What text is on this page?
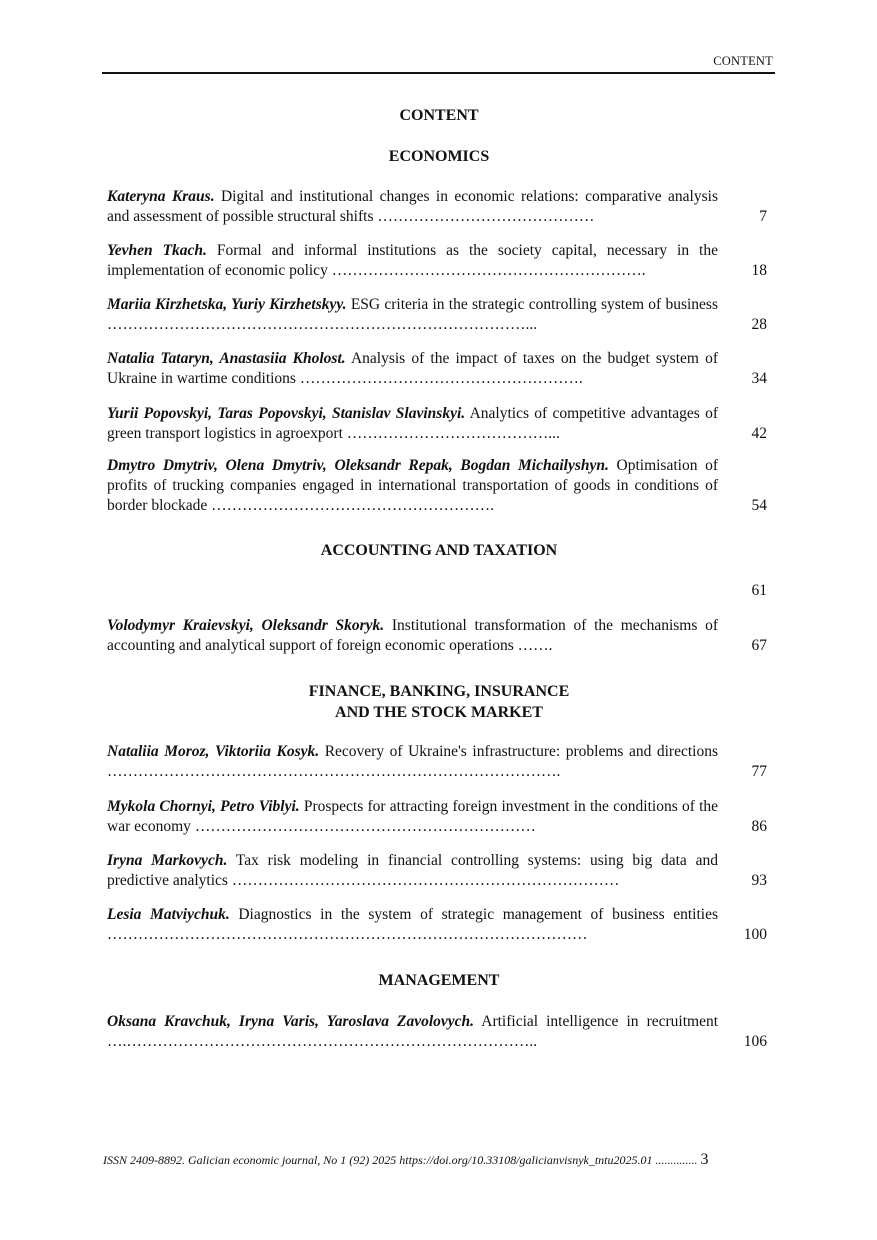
CONTENT
CONTENT
ECONOMICS
Kateryna Kraus. Digital and institutional changes in economic relations: comparative analysis and assessment of possible structural shifts ……………………………………	7
Yevhen Tkach. Formal and informal institutions as the society capital, necessary in the implementation of economic policy …………………………………………………….	18
Mariia Kirzhetska, Yuriy Kirzhetskyy. ESG criteria in the strategic controlling system of business ………………………………………………………………………...	28
Natalia Tataryn, Anastasiia Kholost. Analysis of the impact of taxes on the budget system of Ukraine in wartime conditions ……………………………………………….	34
Yurii Popovskyi, Taras Popovskyi, Stanislav Slavinskyi. Analytics of competitive advantages of green transport logistics in agroexport …………………………………...	42
Dmytro Dmytriv, Olena Dmytriv, Oleksandr Repak, Bogdan Michailyshyn. Optimisation of profits of trucking companies engaged in international transportation of goods in conditions of border blockade ……………………………………………….	54
ACCOUNTING AND TAXATION
61
Volodymyr Kraievskyi, Oleksandr Skoryk. Institutional transformation of the mechanisms of accounting and analytical support of foreign economic operations …….	67
FINANCE, BANKING, INSURANCE
AND THE STOCK MARKET
Nataliia Moroz, Viktoriia Kosyk. Recovery of Ukraine's infrastructure: problems and directions …………………………………………………………………………….	77
Mykola Chornyi, Petro Viblyi. Prospects for attracting foreign investment in the conditions of the war economy …………………………………………………………	86
Iryna Markovych. Tax risk modeling in financial controlling systems: using big data and predictive analytics …………………………………………………………………	93
Lesia Matviychuk. Diagnostics in the system of strategic management of business entities …………………………………………………………………………………	100
MANAGEMENT
Oksana Kravchuk, Iryna Varis, Yaroslava Zavolovych. Artificial intelligence in recruitment ….……………………………………………………………………..	106
ISSN 2409-8892. Galician economic journal, No 1 (92) 2025 https://doi.org/10.33108/galicianvisnyk_tntu2025.01 .............. 3
